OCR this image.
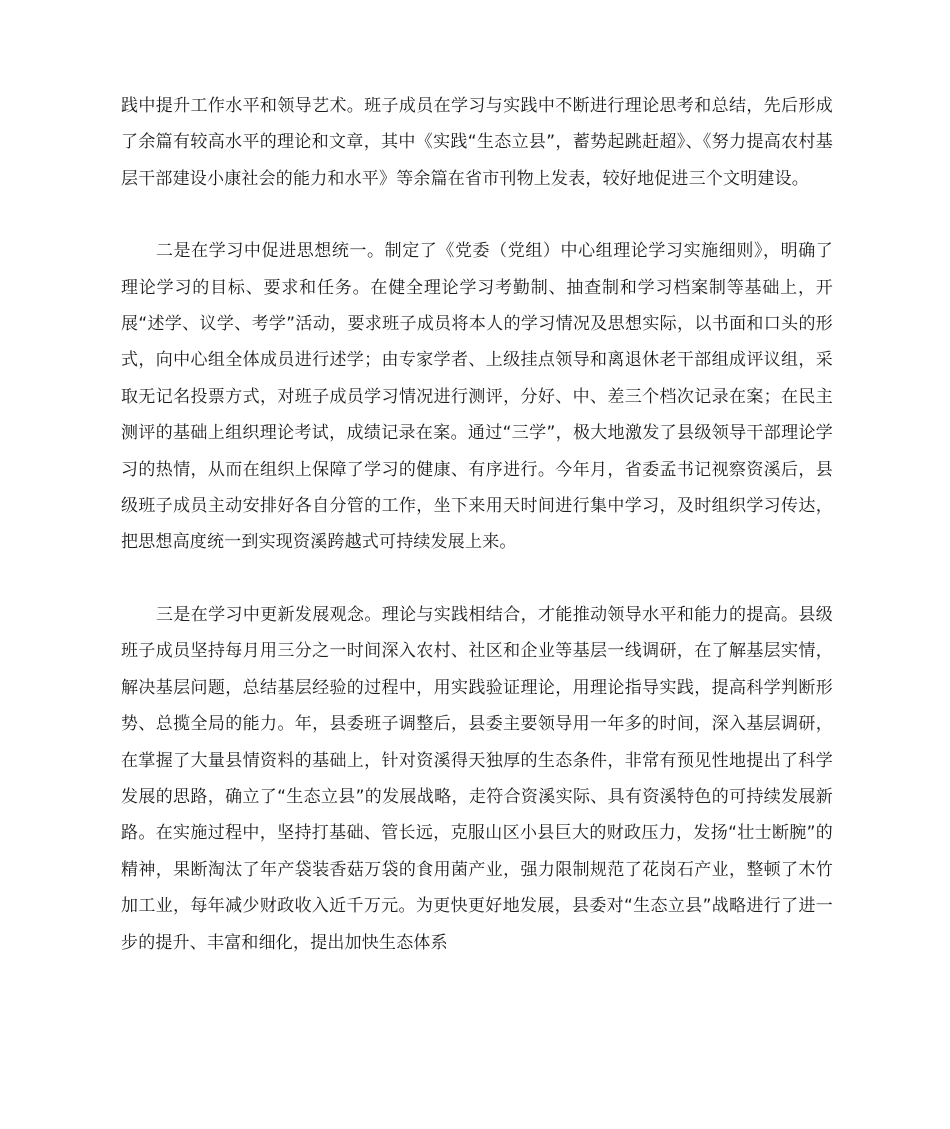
践中提升工作水平和领导艺术。班子成员在学习与实践中不断进行理论思考和总结，先后形成了余篇有较高水平的理论和文章，其中《实践“生态立县”，蓄势起跳赶超》、《努力提高农村基层干部建设小康社会的能力和水平》等余篇在省市刊物上发表，较好地促进三个文明建设。

二是在学习中促进思想统一。制定了《党委（党组）中心组理论学习实施细则》，明确了理论学习的目标、要求和任务。在健全理论学习考勤制、抽查制和学习档案制等基础上，开展“述学、议学、考学”活动，要求班子成员将本人的学习情况及思想实际，以书面和口头的形式，向中心组全体成员进行述学；由专家学者、上级挂点领导和离退休老干部组成评议组，采取无记名投票方式，对班子成员学习情况进行测评，分好、中、差三个档次记录在案；在民主测评的基础上组织理论考试，成绩记录在案。通过“三学”，极大地激发了县级领导干部理论学习的热情，从而在组织上保障了学习的健康、有序进行。今年月，省委孟书记视察资溪后，县级班子成员主动安排好各自分管的工作，坐下来用天时间进行集中学习，及时组织学习传达，把思想高度统一到实现资溪跨越式可持续发展上来。

三是在学习中更新发展观念。理论与实践相结合，才能推动领导水平和能力的提高。县级班子成员坚持每月用三分之一时间深入农村、社区和企业等基层一线调研，在了解基层实情，解决基层问题，总结基层经验的过程中，用实践验证理论，用理论指导实践，提高科学判断形势、总揽全局的能力。年，县委班子调整后，县委主要领导用一年多的时间，深入基层调研，在掌握了大量县情资料的基础上，针对资溪得天独厚的生态条件，非常有预见性地提出了科学发展的思路，确立了“生态立县”的发展战略，走符合资溪实际、具有资溪特色的可持续发展新路。在实施过程中，坚持打基础、管长远，克服山区小县巨大的财政压力，发扬“壮士断腕”的精神，果断淘汰了年产袋装香菇万袋的食用菌产业，强力限制规范了花岗石产业，整顿了木竹加工业，每年减少财政收入近千万元。为更快更好地发展，县委对“生态立县”战略进行了进一步的提升、丰富和细化，提出加快生态体系
